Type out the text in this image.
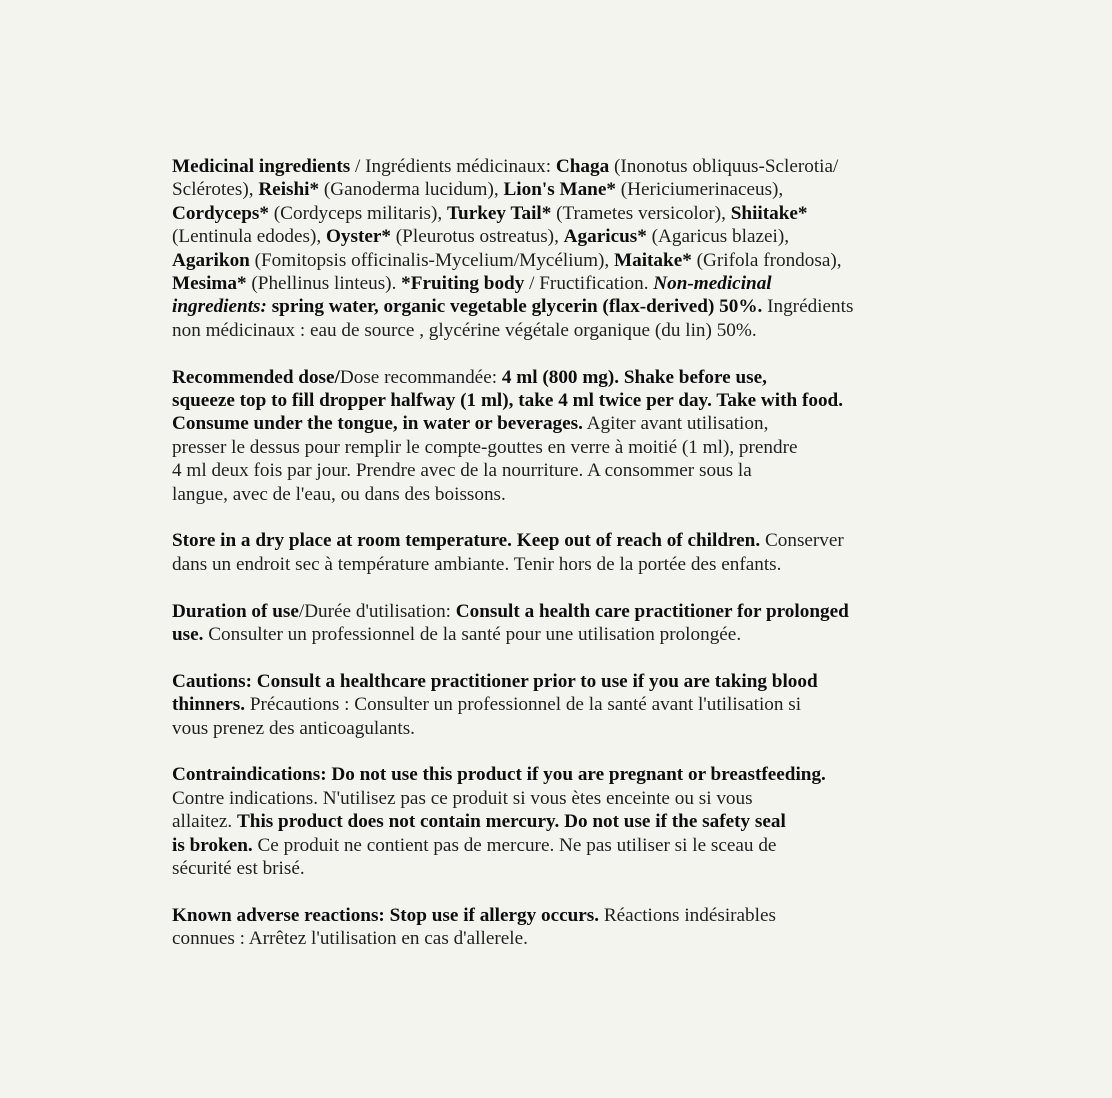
Medicinal ingredients / Ingrédients médicinaux: Chaga (Inonotus obliquus-Sclerotia/
Sclérotes), Reishi* (Ganoderma lucidum), Lion's Mane* (Hericiumerinaceus),
Cordyceps* (Cordyceps militaris), Turkey Tail* (Trametes versicolor), Shiitake*
(Lentinula edodes), Oyster* (Pleurotus ostreatus), Agaricus* (Agaricus blazei),
Agarikon (Fomitopsis officinalis-Mycelium/Mycélium), Maitake* (Grifola frondosa),
Mesima* (Phellinus linteus). *Fruiting body / Fructification. Non-medicinal
ingredients: spring water, organic vegetable glycerin (flax-derived) 50%. Ingrédients
non médicinaux : eau de source , glycérine végétale organique (du lin) 50%.

Recommended dose/Dose recommandée: 4 ml (800 mg). Shake before use,
squeeze top to fill dropper halfway (1 ml), take 4 ml twice per day. Take with food.
Consume under the tongue, in water or beverages. Agiter avant utilisation,
presser le dessus pour remplir le compte-gouttes en verre à moitié (1 ml), prendre
4 ml deux fois par jour. Prendre avec de la nourriture. A consommer sous la
langue, avec de l'eau, ou dans des boissons.

Store in a dry place at room temperature. Keep out of reach of children. Conserver
dans un endroit sec à température ambiante. Tenir hors de la portée des enfants.

Duration of use/Durée d'utilisation: Consult a health care practitioner for prolonged
use. Consulter un professionnel de la santé pour une utilisation prolongée.

Cautions: Consult a healthcare practitioner prior to use if you are taking blood
thinners. Précautions : Consulter un professionnel de la santé avant l'utilisation si
vous prenez des anticoagulants.

Contraindications: Do not use this product if you are pregnant or breastfeeding.
Contre indications. N'utilisez pas ce produit si vous ètes enceinte ou si vous
allaitez. This product does not contain mercury. Do not use if the safety seal
is broken. Ce produit ne contient pas de mercure. Ne pas utiliser si le sceau de
sécurité est brisé.

Known adverse reactions: Stop use if allergy occurs. Réactions indésirables
connues : Arrêtez l'utilisation en cas d'allerele.
